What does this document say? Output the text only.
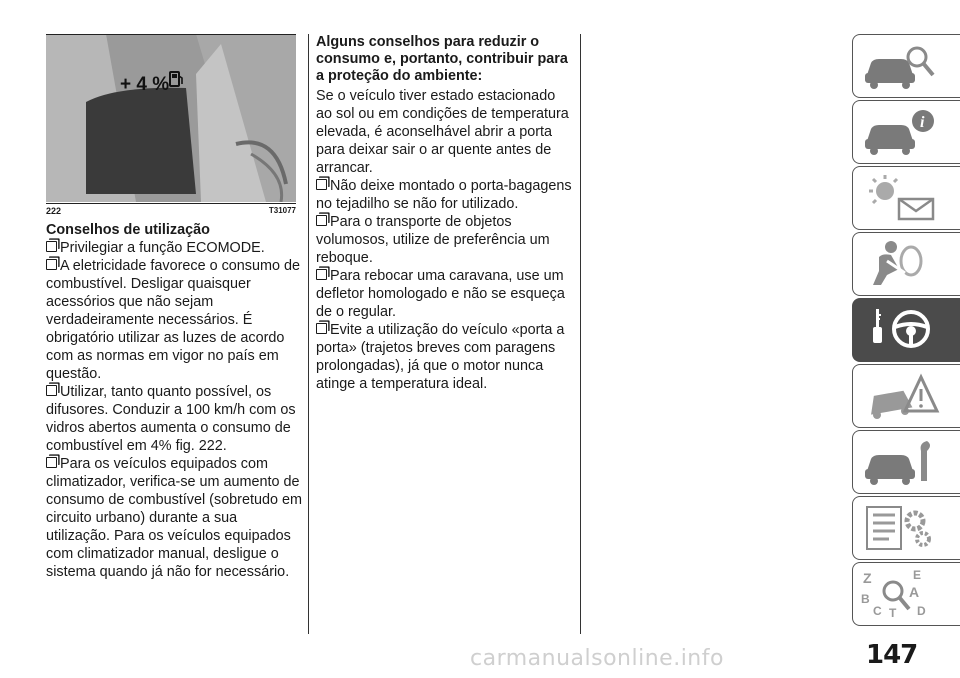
+ 4 %
222	T31077
Conselhos de utilização

Privilegiar a função ECOMODE.

A eletricidade favorece o consumo de combustível. Desligar quaisquer acessórios que não sejam verdadeiramente necessários. É obrigatório utilizar as luzes de acordo com as normas em vigor no país em questão.

Utilizar, tanto quanto possível, os difusores. Conduzir a 100 km/h com os vidros abertos aumenta o consumo de combustível em 4% fig. 222.

Para os veículos equipados com climatizador, verifica-se um aumento de consumo de combustível (sobretudo em circuito urbano) durante a sua utilização. Para os veículos equipados com climatizador manual, desligue o sistema quando já não for necessário.

Alguns conselhos para reduzir o consumo e, portanto, contribuir para a proteção do ambiente:

Se o veículo tiver estado estacionado ao sol ou em condições de temperatura elevada, é aconselhável abrir a porta para deixar sair o ar quente antes de arrancar.

Não deixe montado o porta-bagagens no tejadilho se não for utilizado.

Para o transporte de objetos volumosos, utilize de preferência um reboque.

Para rebocar uma caravana, use um defletor homologado e não se esqueça de o regular.

Evite a utilização do veículo «porta a porta» (trajetos breves com paragens prolongadas), já que o motor nunca atinge a temperatura ideal.

i
Z	E
A
B
C T D
carmanualsonline.info	147
